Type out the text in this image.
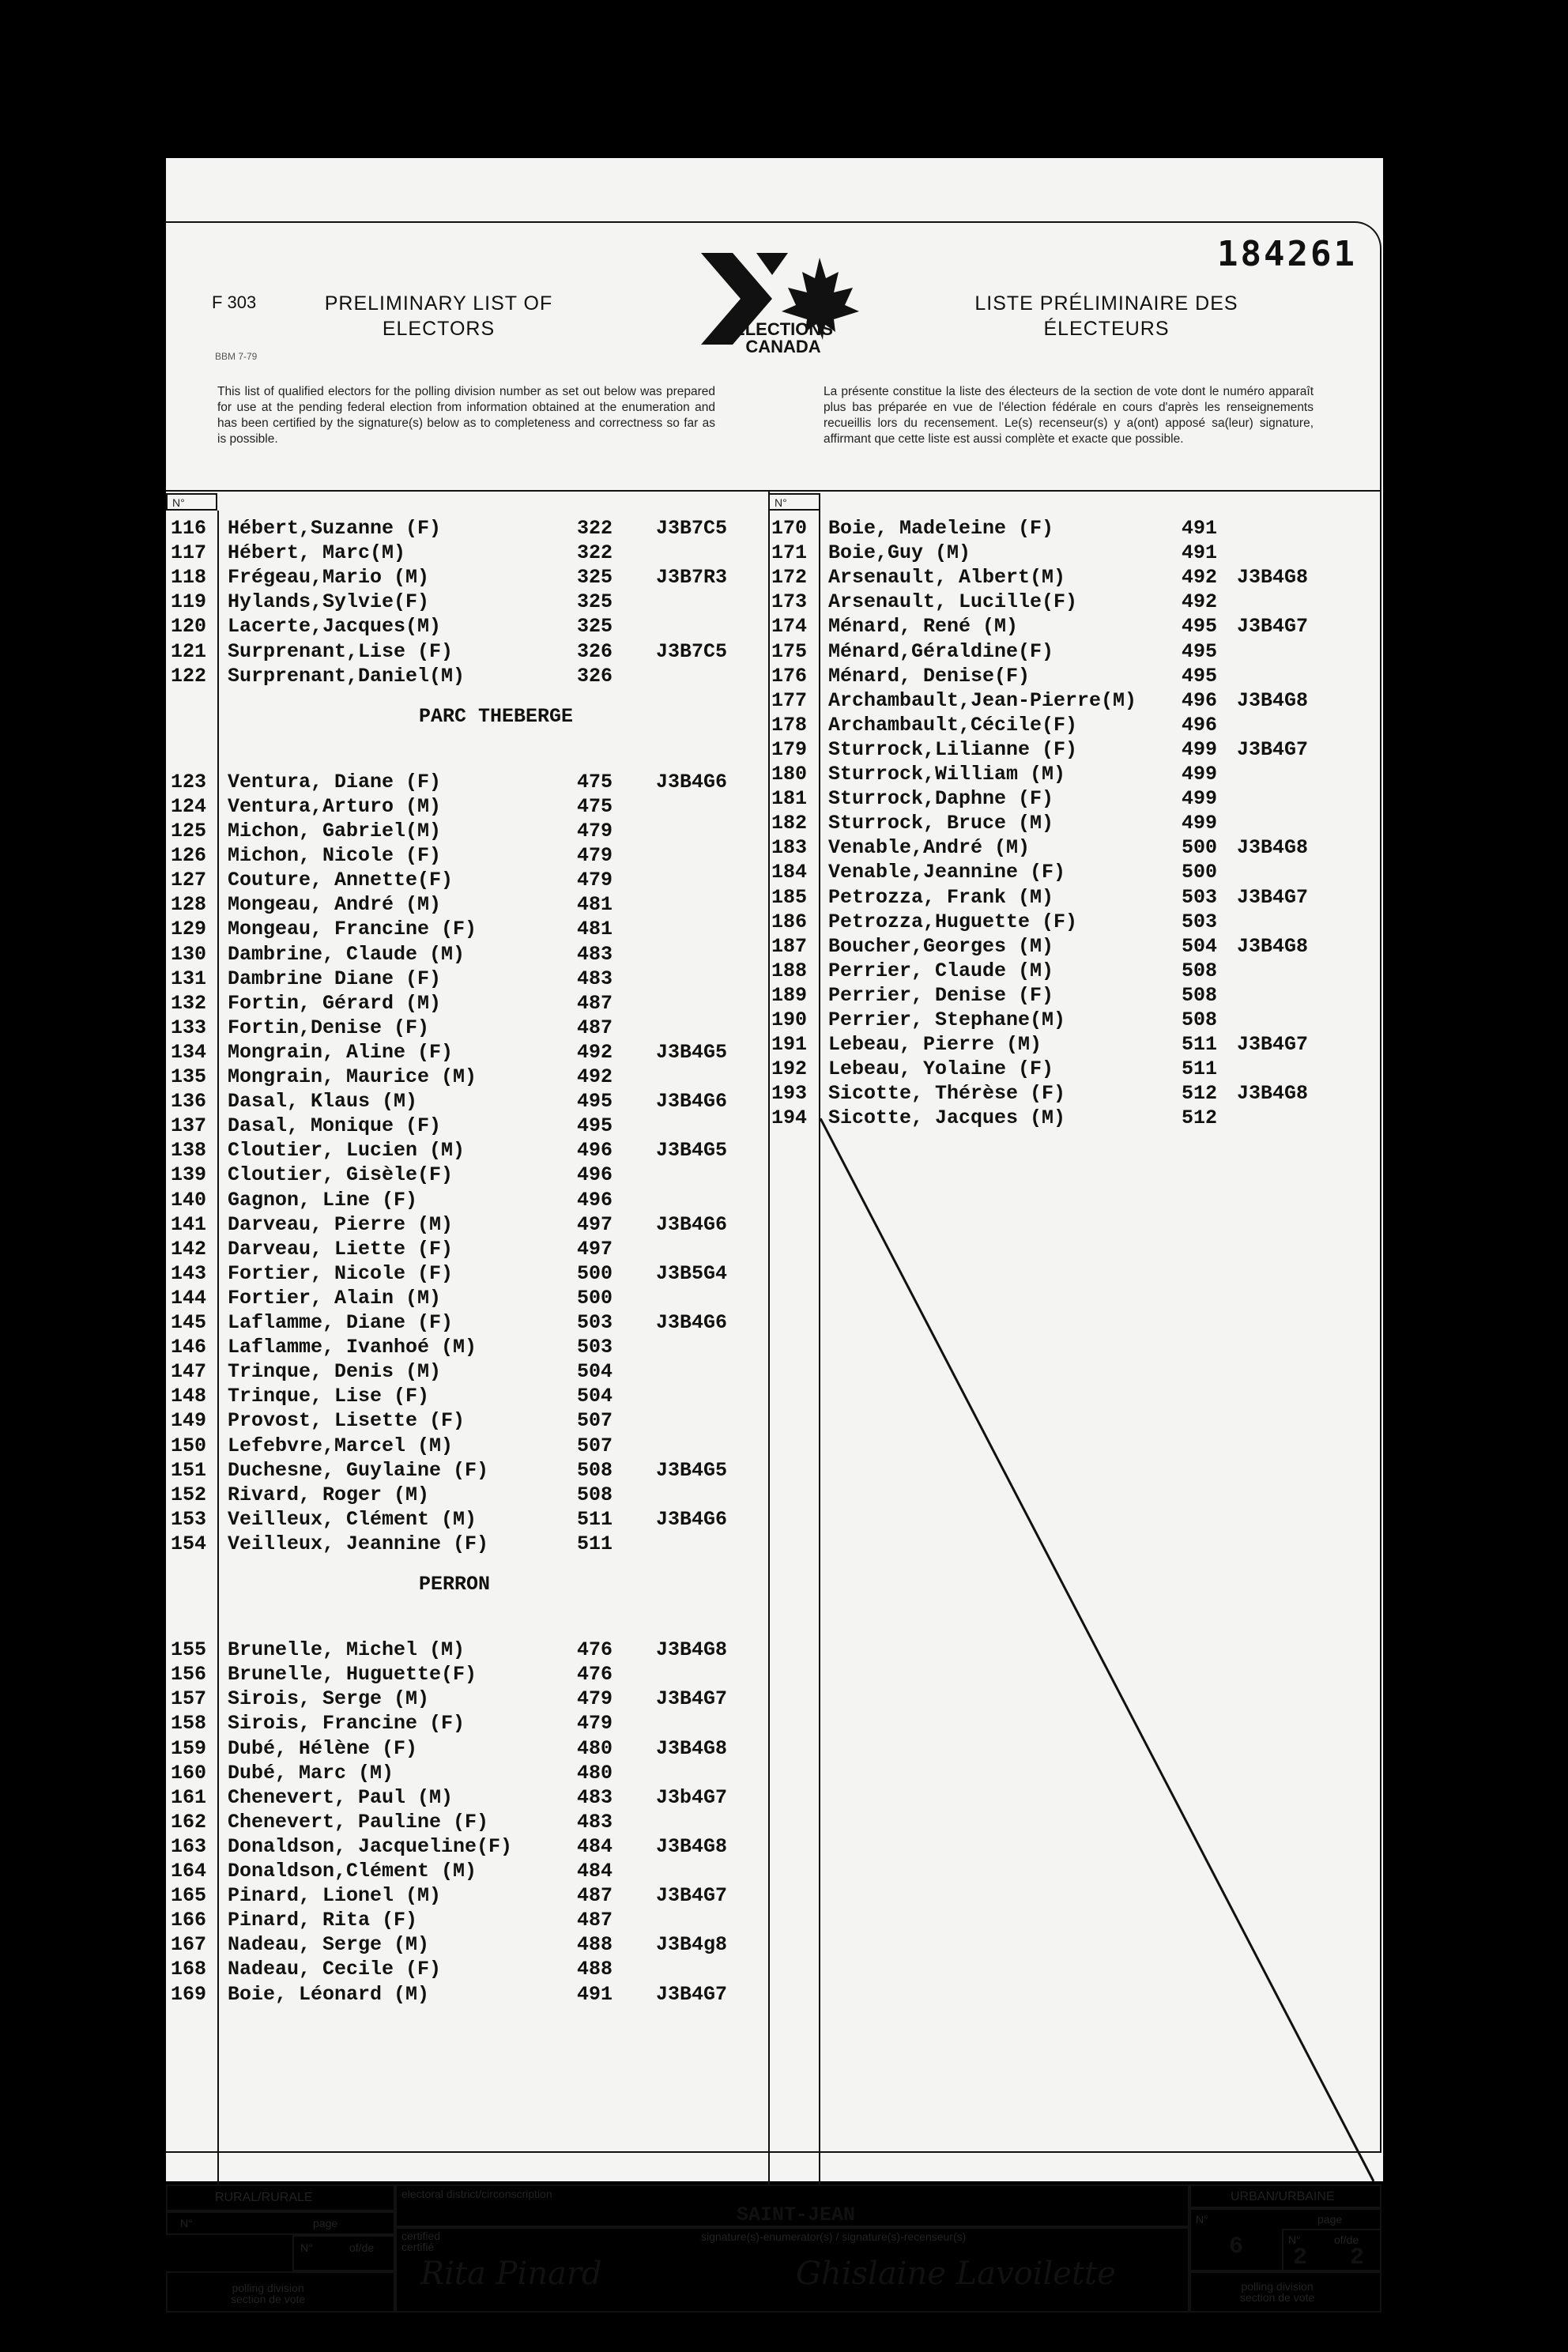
184261
F 303
BBM 7-79
PRELIMINARY LIST OF
ELECTORS
LISTE PRÉLIMINAIRE DES
ÉLECTEURS
ELECTIONS
CANADA
This list of qualified electors for the polling division number as set out below was prepared for use at the pending federal election from information obtained at the enumeration and has been certified by the signature(s) below as to completeness and correctness so far as is possible.
La présente constitue la liste des électeurs de la section de vote dont le numéro apparaît plus bas préparée en vue de l'élection fédérale en cours d'après les renseignements recueillis lors du recensement. Le(s) recenseur(s) y a(ont) apposé sa(leur) signature, affirmant que cette liste est aussi complète et exacte que possible.
N°	N°
116 Hébert,Suzanne (F)	322 J3B7C5
117 Hébert, Marc(M)	322
118 Frégeau,Mario (M)	325 J3B7R3
119 Hylands,Sylvie(F)	325
120 Lacerte,Jacques(M)	325
121 Surprenant,Lise (F)	326 J3B7C5
122 Surprenant,Daniel(M)	326
PARC THEBERGE
123 Ventura, Diane (F)	475 J3B4G6
124 Ventura,Arturo (M)	475
125 Michon, Gabriel(M)	479
126 Michon, Nicole (F)	479
127 Couture, Annette(F)	479
128 Mongeau, André (M)	481
129 Mongeau, Francine (F)	481
130 Dambrine, Claude (M)	483
131 Dambrine Diane (F)	483
132 Fortin, Gérard (M)	487
133 Fortin,Denise (F)	487
134 Mongrain, Aline (F)	492 J3B4G5
135 Mongrain, Maurice (M)	492
136 Dasal, Klaus (M)	495 J3B4G6
137 Dasal, Monique (F)	495
138 Cloutier, Lucien (M)	496 J3B4G5
139 Cloutier, Gisèle(F)	496
140 Gagnon, Line (F)	496
141 Darveau, Pierre (M)	497 J3B4G6
142 Darveau, Liette (F)	497
143 Fortier, Nicole (F)	500 J3B5G4
144 Fortier, Alain (M)	500
145 Laflamme, Diane (F)	503 J3B4G6
146 Laflamme, Ivanhoé (M)	503
147 Trinque, Denis (M)	504
148 Trinque, Lise (F)	504
149 Provost, Lisette (F)	507
150 Lefebvre,Marcel (M)	507
151 Duchesne, Guylaine (F)	508 J3B4G5
152 Rivard, Roger (M)	508
153 Veilleux, Clément (M)	511 J3B4G6
154 Veilleux, Jeannine (F)	511
PERRON
155 Brunelle, Michel (M)	476 J3B4G8
156 Brunelle, Huguette(F)	476
157 Sirois, Serge (M)	479 J3B4G7
158 Sirois, Francine (F)	479
159 Dubé, Hélène (F)	480 J3B4G8
160 Dubé, Marc (M)	480
161 Chenevert, Paul (M)	483 J3b4G7
162 Chenevert, Pauline (F)	483
163 Donaldson, Jacqueline(F)	484 J3B4G8
164 Donaldson,Clément (M)	484
165 Pinard, Lionel (M)	487 J3B4G7
166 Pinard, Rita (F)	487
167 Nadeau, Serge (M)	488 J3B4g8
168 Nadeau, Cecile (F)	488
169 Boie, Léonard (M)	491 J3B4G7
170 Boie, Madeleine (F)	491
171 Boie,Guy (M)	491
172 Arsenault, Albert(M)	492 J3B4G8
173 Arsenault, Lucille(F)	492
174 Ménard, René (M)	495 J3B4G7
175 Ménard,Géraldine(F)	495
176 Ménard, Denise(F)	495
177 Archambault,Jean-Pierre(M) 496 J3B4G8
178 Archambault,Cécile(F)	496
179 Sturrock,Lilianne (F)	499 J3B4G7
180 Sturrock,William (M)	499
181 Sturrock,Daphne (F)	499
182 Sturrock, Bruce (M)	499
183 Venable,André (M)	500 J3B4G8
184 Venable,Jeannine (F)	500
185 Petrozza, Frank (M)	503 J3B4G7
186 Petrozza,Huguette (F)	503
187 Boucher,Georges (M)	504 J3B4G8
188 Perrier, Claude (M)	508
189 Perrier, Denise (F)	508
190 Perrier, Stephane(M)	508
191 Lebeau, Pierre (M)	511 J3B4G7
192 Lebeau, Yolaine (F)	511
193 Sicotte, Thérèse (F)	512 J3B4G8
194 Sicotte, Jacques (M)	512
RURAL/RURALE
N°	page
N°	of/de
polling division
section de vote
electoral district/circonscription
SAINT-JEAN
certified
certifié
signature(s)-enumerator(s) / signature(s)-recenseur(s)
Rita Pinard	Ghislaine Lavoilette
URBAN/URBAINE
N°	page
6	N°	of/de
2 2
polling division
section de vote
